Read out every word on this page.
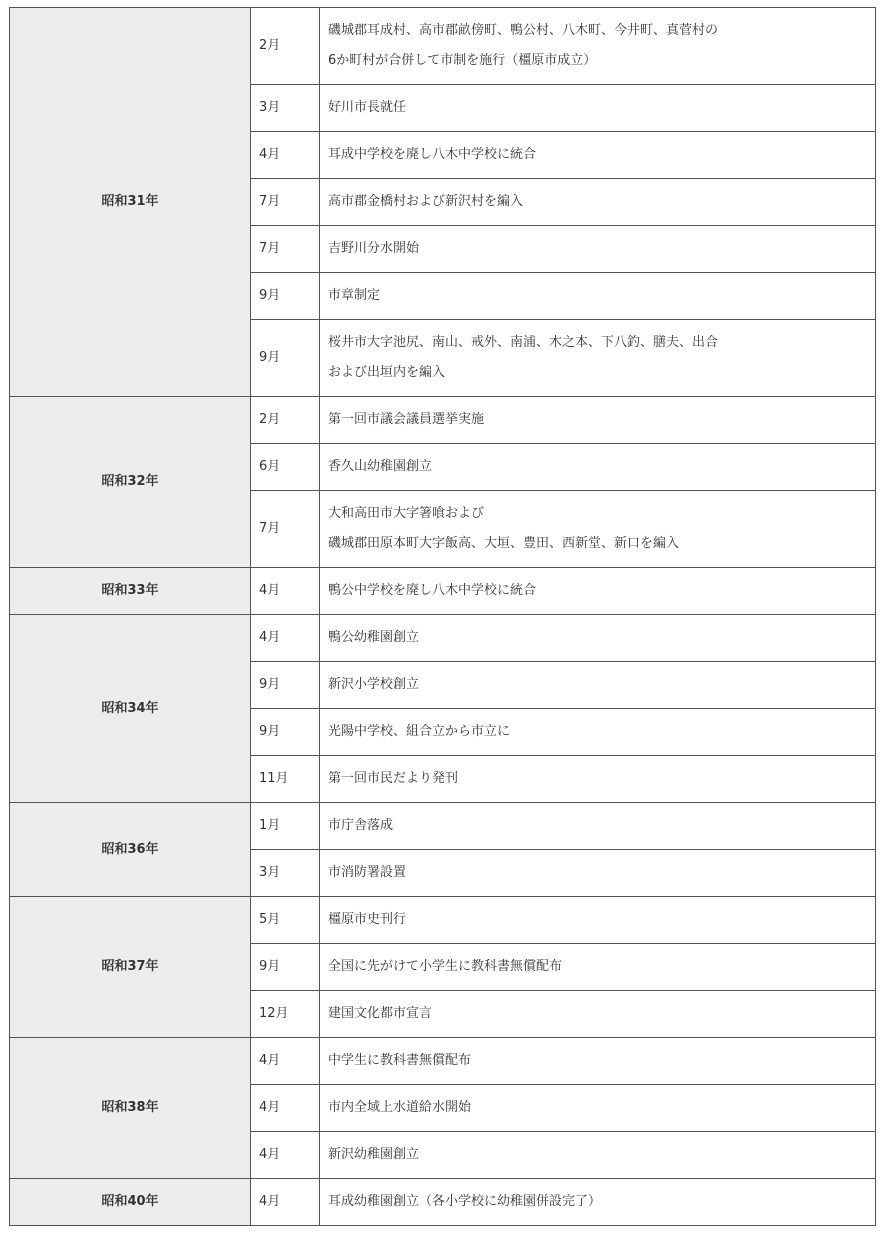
昭和31年	2月	磯城郡耳成村、高市郡畝傍町、鴨公村、八木町、今井町、真菅村の
6か町村が合併して市制を施行（橿原市成立）

	3月	好川市長就任

	4月	耳成中学校を廃し八木中学校に統合

	7月	高市郡金橋村および新沢村を編入

	7月	吉野川分水開始

	9月	市章制定

	9月	桜井市大字池尻、南山、戒外、南浦、木之本、下八釣、膳夫、出合
および出垣内を編入

昭和32年	2月	第一回市議会議員選挙実施

	6月	香久山幼稚園創立

	7月	大和高田市大字箸喰および
磯城郡田原本町大字飯高、大垣、豊田、西新堂、新口を編入

昭和33年	4月	鴨公中学校を廃し八木中学校に統合

昭和34年	4月	鴨公幼稚園創立

	9月	新沢小学校創立

	9月	光陽中学校、組合立から市立に

	11月	第一回市民だより発刊

昭和36年	1月	市庁舎落成

	3月	市消防署設置

昭和37年	5月	橿原市史刊行

	9月	全国に先がけて小学生に教科書無償配布

	12月	建国文化都市宣言

昭和38年	4月	中学生に教科書無償配布

	4月	市内全域上水道給水開始

	4月	新沢幼稚園創立

昭和40年	4月	耳成幼稚園創立（各小学校に幼稚園併設完了）
